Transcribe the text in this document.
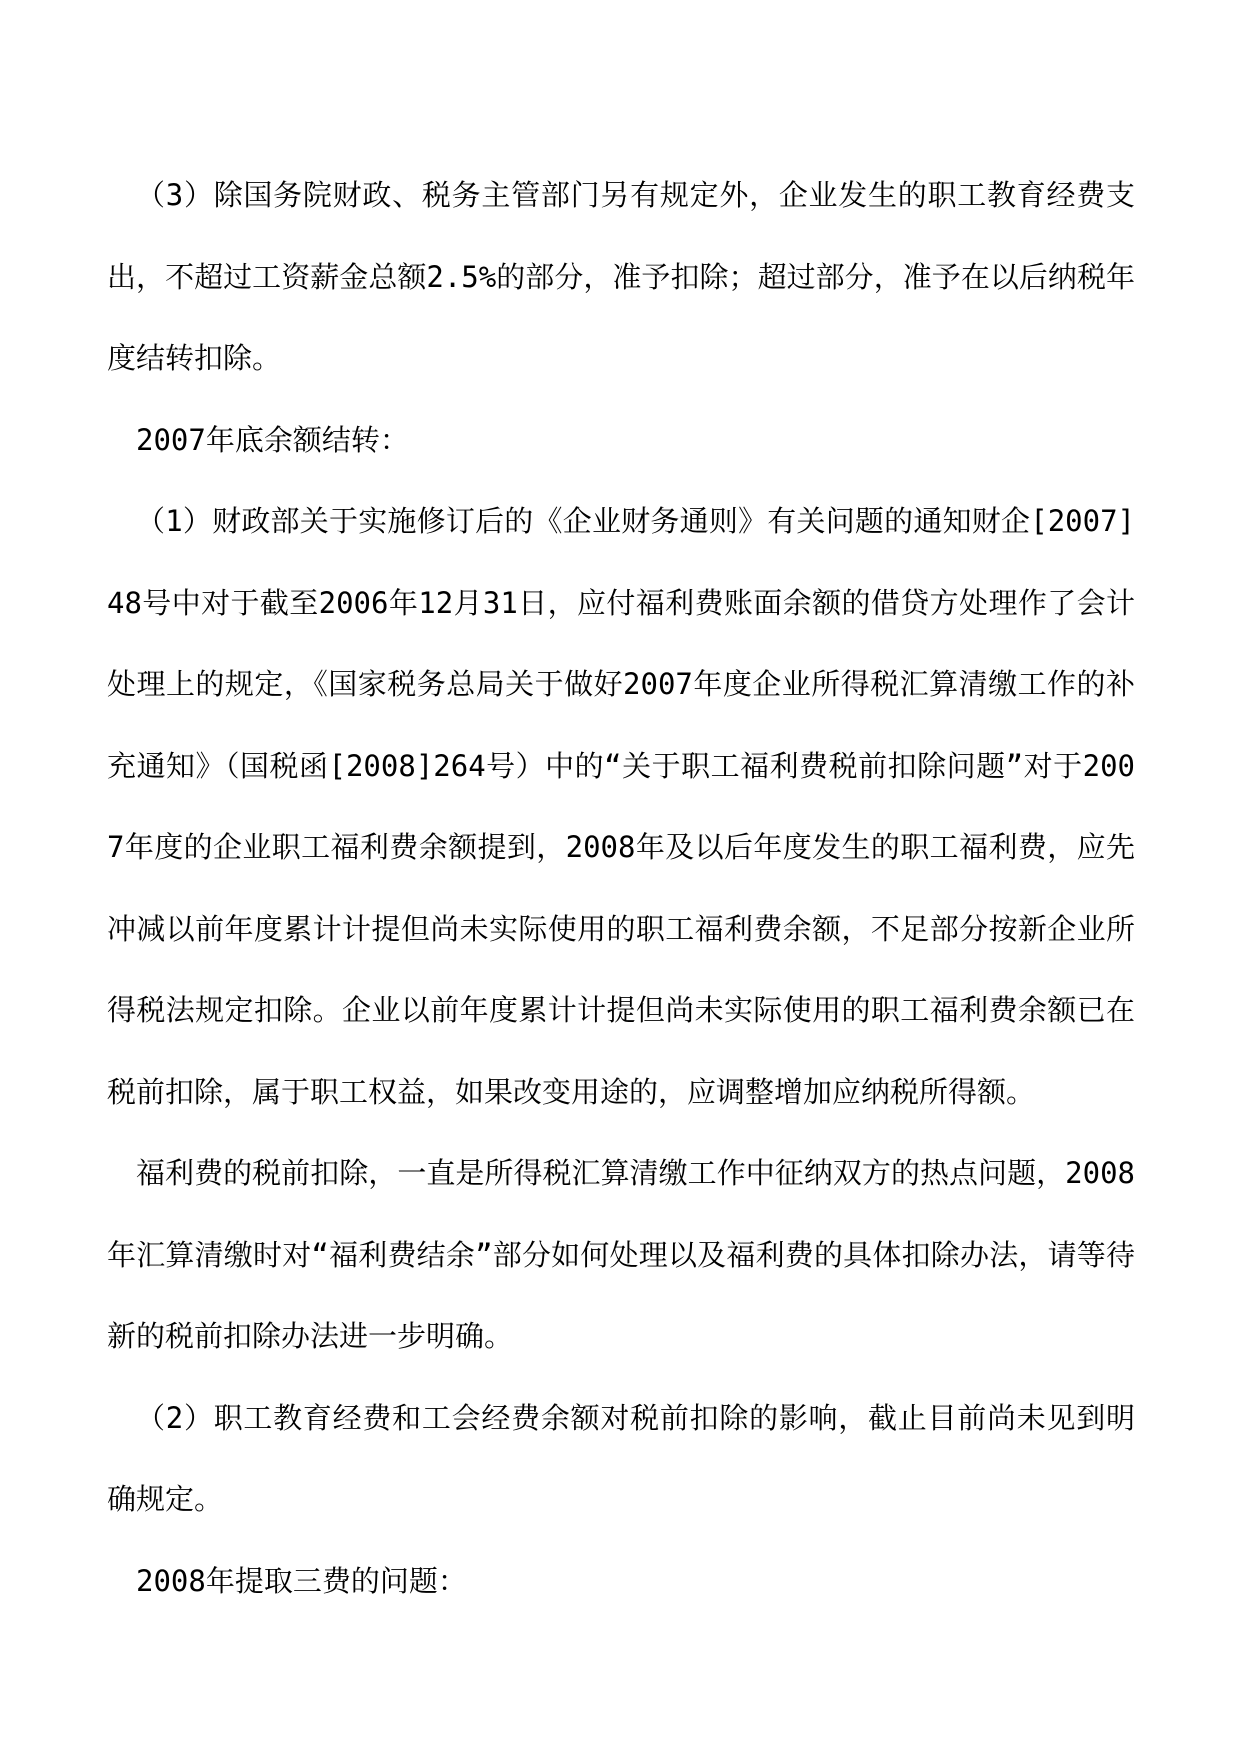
（3）除国务院财政、税务主管部门另有规定外，企业发生的职工教育经费支出，不超过工资薪金总额2.5%的部分，准予扣除；超过部分，准予在以后纳税年度结转扣除。

2007年底余额结转：

（1）财政部关于实施修订后的《企业财务通则》有关问题的通知财企[2007]48号中对于截至2006年12月31日，应付福利费账面余额的借贷方处理作了会计处理上的规定，《国家税务总局关于做好2007年度企业所得税汇算清缴工作的补充通知》（国税函[2008]264号）中的“关于职工福利费税前扣除问题”对于2007年度的企业职工福利费余额提到，2008年及以后年度发生的职工福利费，应先冲减以前年度累计计提但尚未实际使用的职工福利费余额，不足部分按新企业所得税法规定扣除。企业以前年度累计计提但尚未实际使用的职工福利费余额已在税前扣除，属于职工权益，如果改变用途的，应调整增加应纳税所得额。

福利费的税前扣除，一直是所得税汇算清缴工作中征纳双方的热点问题，2008年汇算清缴时对“福利费结余”部分如何处理以及福利费的具体扣除办法，请等待新的税前扣除办法进一步明确。

（2）职工教育经费和工会经费余额对税前扣除的影响，截止目前尚未见到明确规定。

2008年提取三费的问题：
